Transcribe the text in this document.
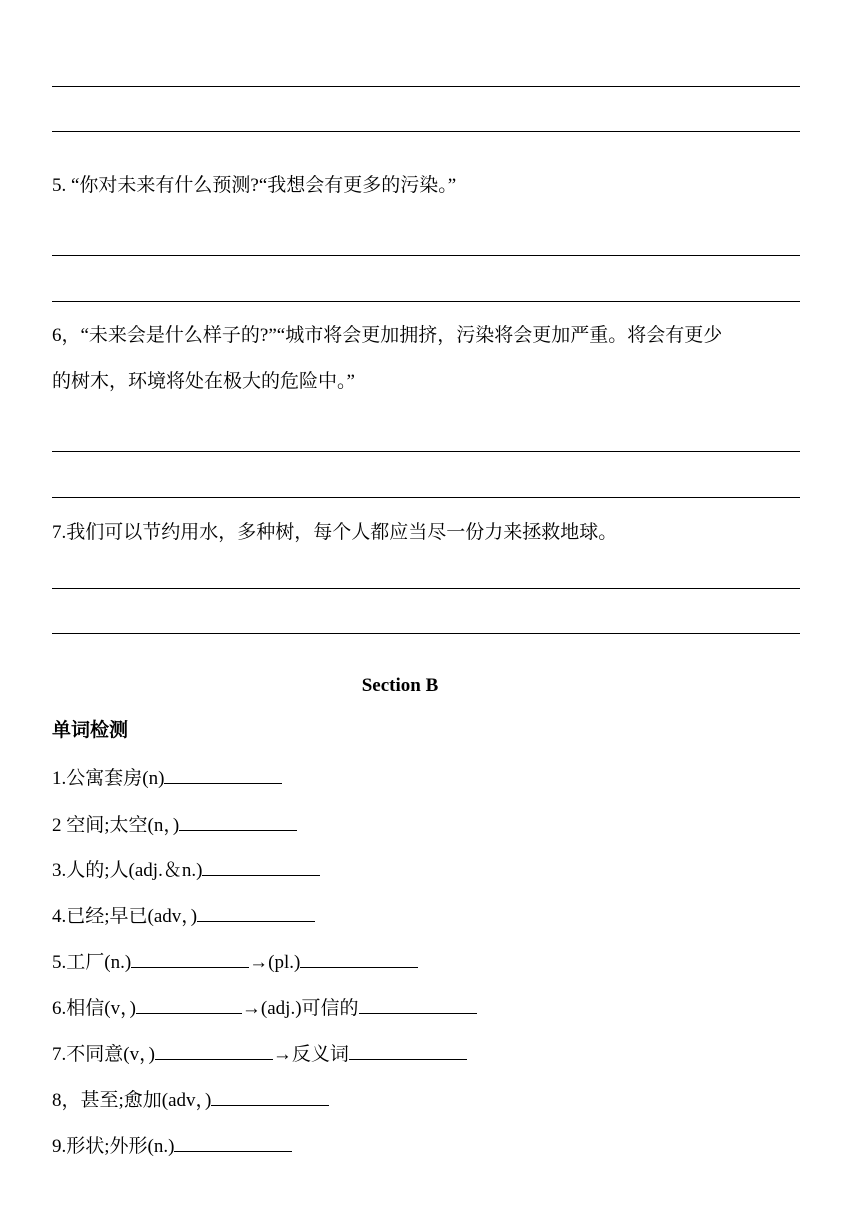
5. “你对未来有什么预测?“我想会有更多的污染。”
6，“未来会是什么样子的?”“城市将会更加拥挤，污染将会更加严重。将会有更少
的树木，环境将处在极大的危险中。”
7.我们可以节约用水，多种树，每个人都应当尽一份力来拯救地球。
Section B
单词检测
1.公寓套房(n)
2 空间;太空(n，)
3.人的;人(adj.＆n.)
4.已经;早已(adv，)
5.工厂(n.)	→(pl.)
6.相信(v，)	→(adj.)可信的
7.不同意(v，)	→反义词
8，甚至;愈加(adv，)
9.形状;外形(n.)
